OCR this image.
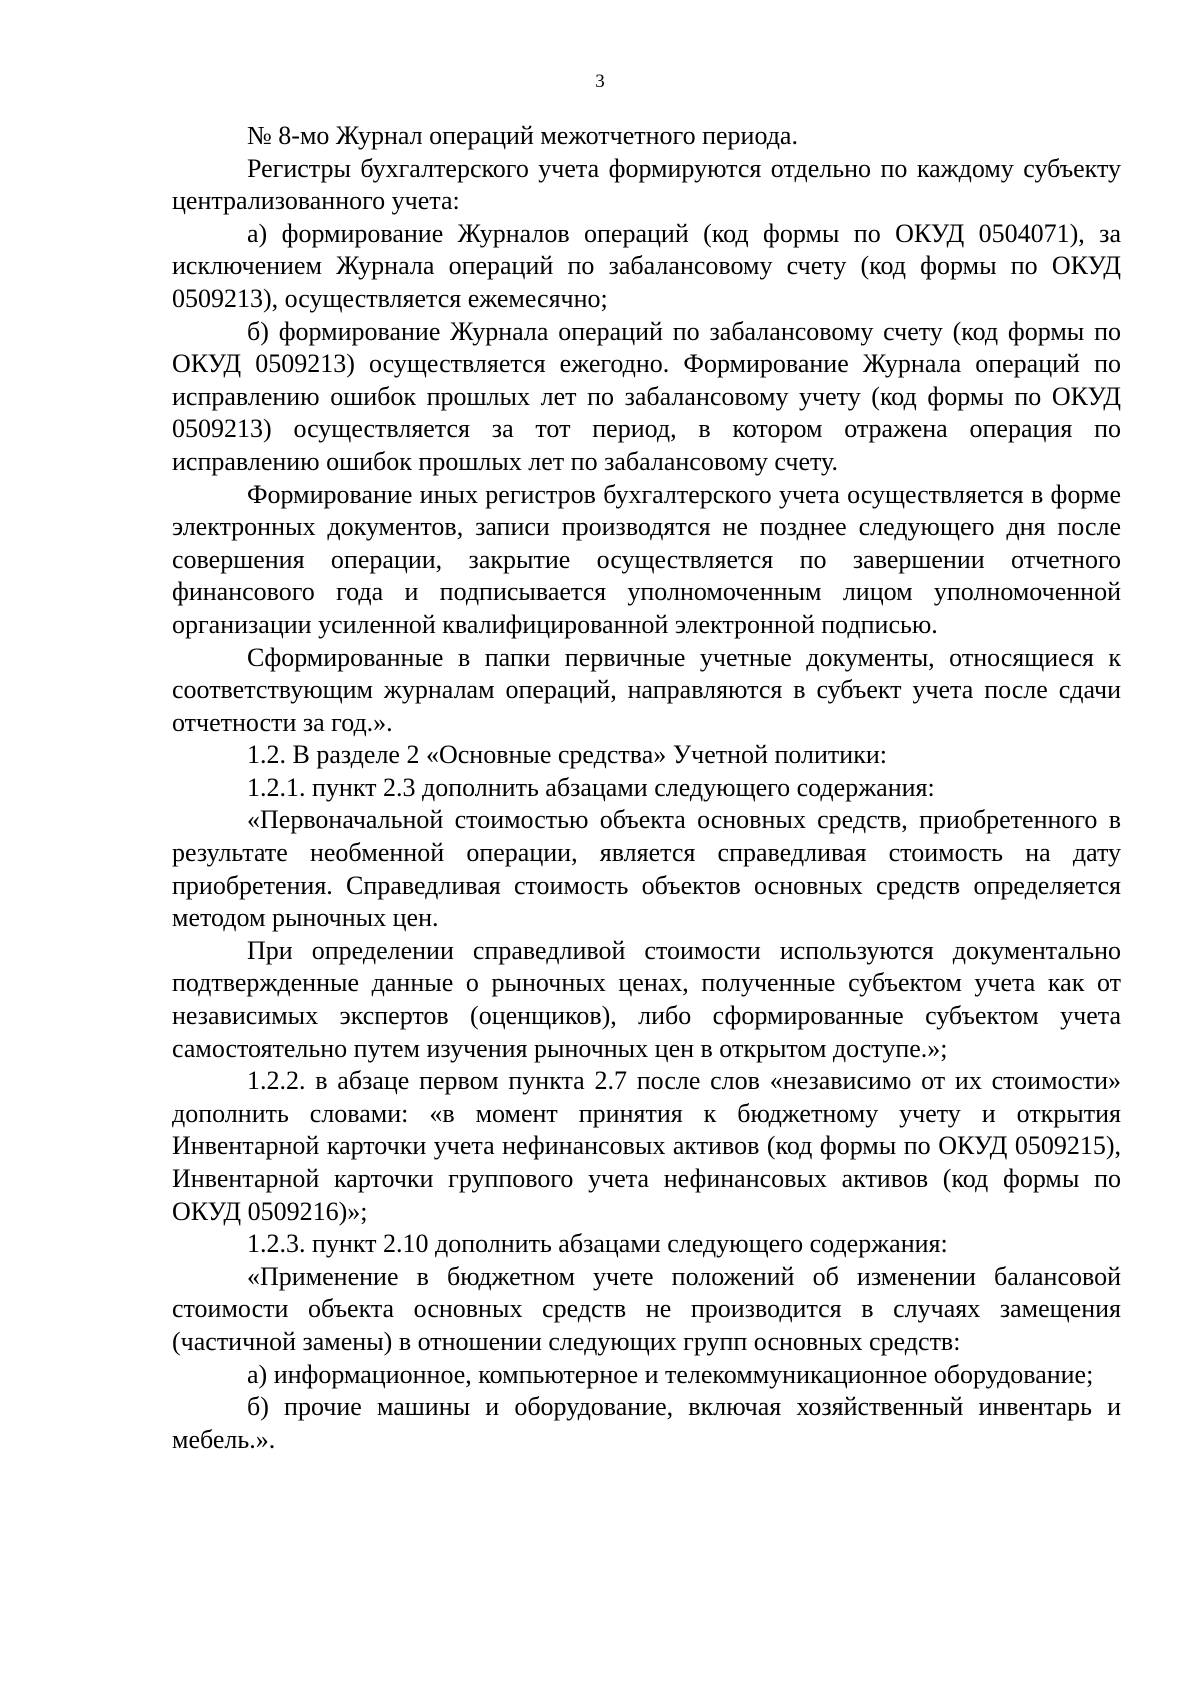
3

№ 8-мо Журнал операций межотчетного периода.

Регистры бухгалтерского учета формируются отдельно по каждому субъекту централизованного учета:

а) формирование Журналов операций (код формы по ОКУД 0504071), за исключением Журнала операций по забалансовому счету (код формы по ОКУД 0509213), осуществляется ежемесячно;

б) формирование Журнала операций по забалансовому счету (код формы по ОКУД 0509213) осуществляется ежегодно. Формирование Журнала операций по исправлению ошибок прошлых лет по забалансовому учету (код формы по ОКУД 0509213) осуществляется за тот период, в котором отражена операция по исправлению ошибок прошлых лет по забалансовому счету.

Формирование иных регистров бухгалтерского учета осуществляется в форме электронных документов, записи производятся не позднее следующего дня после совершения операции, закрытие осуществляется по завершении отчетного финансового года и подписывается уполномоченным лицом уполномоченной организации усиленной квалифицированной электронной подписью.

Сформированные в папки первичные учетные документы, относящиеся к соответствующим журналам операций, направляются в субъект учета после сдачи отчетности за год.».

1.2. В разделе 2 «Основные средства» Учетной политики:

1.2.1. пункт 2.3 дополнить абзацами следующего содержания:

«Первоначальной стоимостью объекта основных средств, приобретенного в результате необменной операции, является справедливая стоимость на дату приобретения. Справедливая стоимость объектов основных средств определяется методом рыночных цен.

При определении справедливой стоимости используются документально подтвержденные данные о рыночных ценах, полученные субъектом учета как от независимых экспертов (оценщиков), либо сформированные субъектом учета самостоятельно путем изучения рыночных цен в открытом доступе.»;

1.2.2. в абзаце первом пункта 2.7 после слов «независимо от их стоимости» дополнить словами: «в момент принятия к бюджетному учету и открытия Инвентарной карточки учета нефинансовых активов (код формы по ОКУД 0509215), Инвентарной карточки группового учета нефинансовых активов (код формы по ОКУД 0509216)»;

1.2.3. пункт 2.10 дополнить абзацами следующего содержания:

«Применение в бюджетном учете положений об изменении балансовой стоимости объекта основных средств не производится в случаях замещения (частичной замены) в отношении следующих групп основных средств:

а) информационное, компьютерное и телекоммуникационное оборудование;

б) прочие машины и оборудование, включая хозяйственный инвентарь и мебель.».
